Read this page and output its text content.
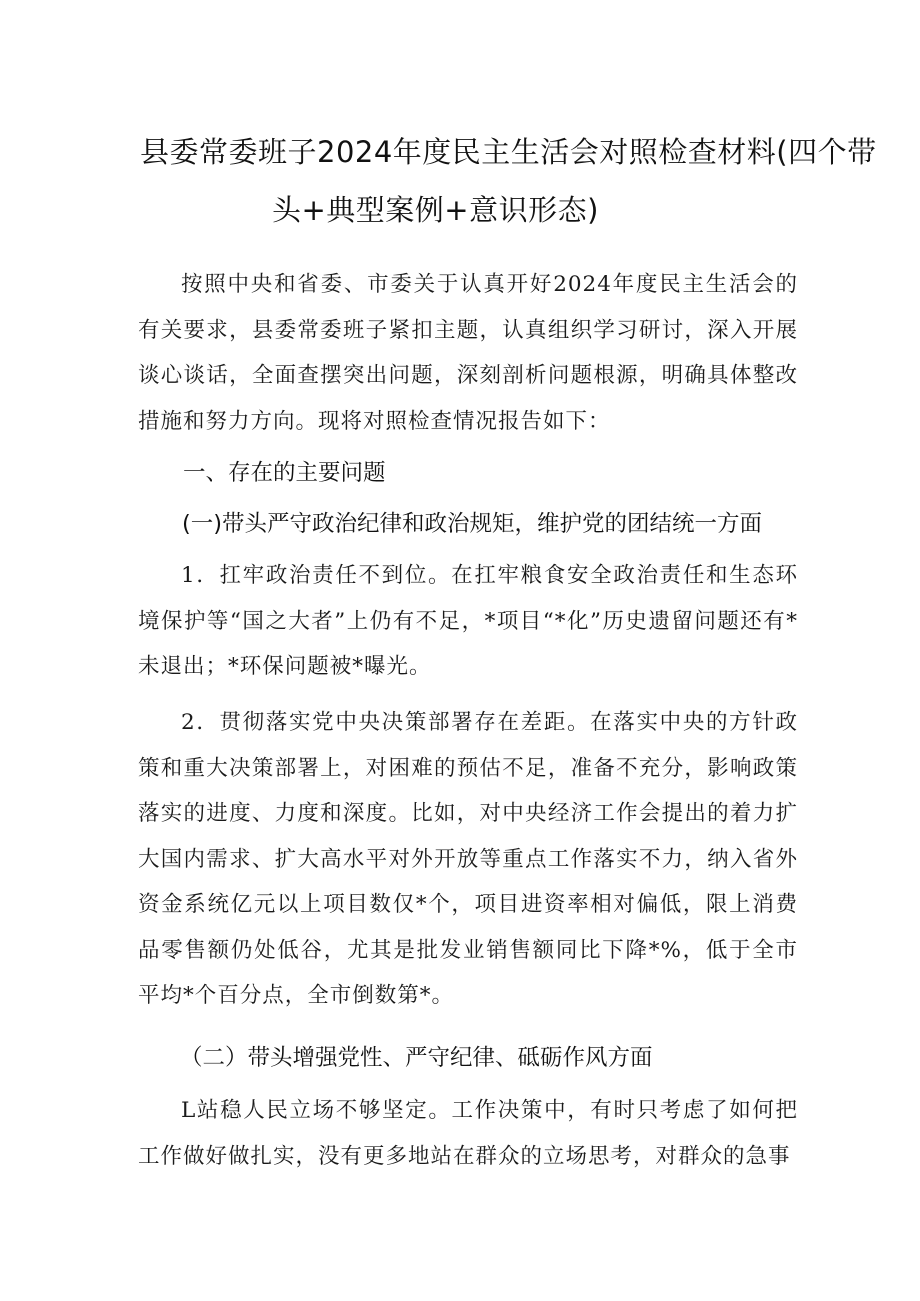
县委常委班子2024年度民主生活会对照检查材料(四个带
头+典型案例+意识形态)

按照中央和省委、市委关于认真开好2024年度民主生活会的有关要求，县委常委班子紧扣主题，认真组织学习研讨，深入开展谈心谈话，全面查摆突出问题，深刻剖析问题根源，明确具体整改措施和努力方向。现将对照检查情况报告如下：

一、存在的主要问题
(一)带头严守政治纪律和政治规矩，维护党的团结统一方面

1．扛牢政治责任不到位。在扛牢粮食安全政治责任和生态环境保护等“国之大者”上仍有不足，*项目“*化”历史遗留问题还有*未退出；*环保问题被*曝光。

2．贯彻落实党中央决策部署存在差距。在落实中央的方针政策和重大决策部署上，对困难的预估不足，准备不充分，影响政策落实的进度、力度和深度。比如，对中央经济工作会提出的着力扩大国内需求、扩大高水平对外开放等重点工作落实不力，纳入省外资金系统亿元以上项目数仅*个，项目进资率相对偏低，限上消费品零售额仍处低谷，尤其是批发业销售额同比下降*%，低于全市平均*个百分点，全市倒数第*。

（二）带头增强党性、严守纪律、砥砺作风方面

L站稳人民立场不够坚定。工作决策中，有时只考虑了如何把工作做好做扎实，没有更多地站在群众的立场思考，对群众的急事
